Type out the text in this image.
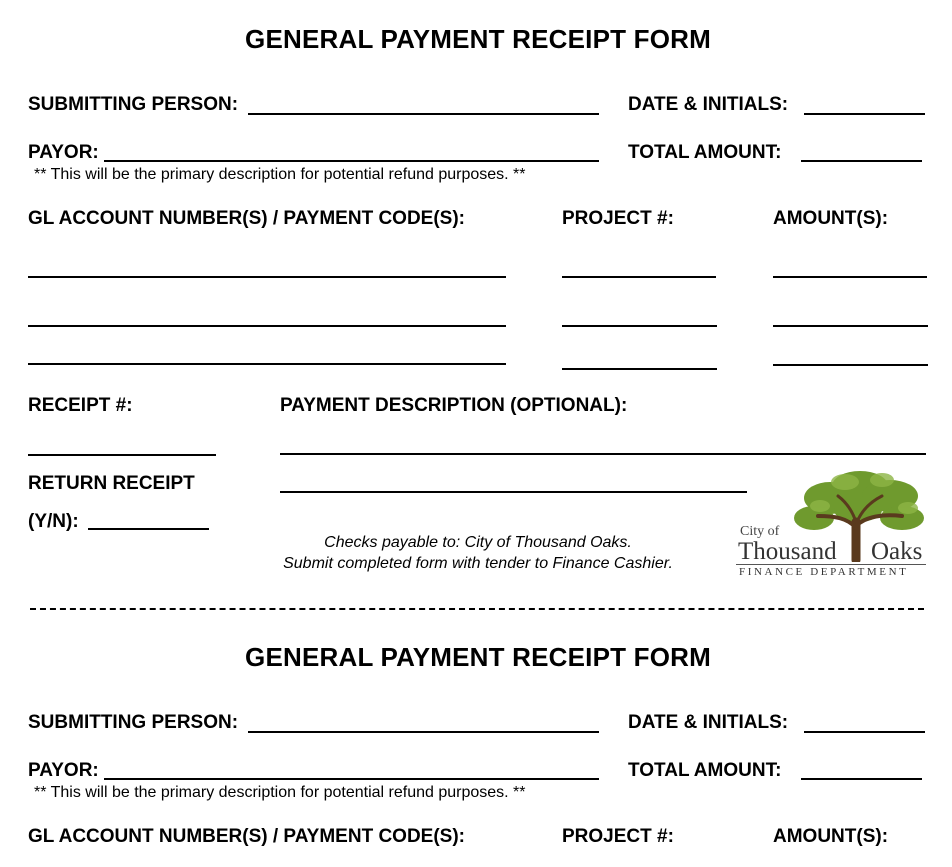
GENERAL PAYMENT RECEIPT FORM
SUBMITTING PERSON:	DATE & INITIALS:
PAYOR:	TOTAL AMOUNT:
** This will be the primary description for potential refund purposes. **
GL ACCOUNT NUMBER(S) / PAYMENT CODE(S):	PROJECT #:	AMOUNT(S):
RECEIPT #:	PAYMENT DESCRIPTION (OPTIONAL):
RETURN RECEIPT
(Y/N):
Checks payable to: City of Thousand Oaks.
Submit completed form with tender to Finance Cashier.
City of
Thousand Oaks
FINANCE DEPARTMENT
GENERAL PAYMENT RECEIPT FORM
SUBMITTING PERSON:	DATE & INITIALS:
PAYOR:	TOTAL AMOUNT:
** This will be the primary description for potential refund purposes. **
GL ACCOUNT NUMBER(S) / PAYMENT CODE(S):	PROJECT #:	AMOUNT(S):
